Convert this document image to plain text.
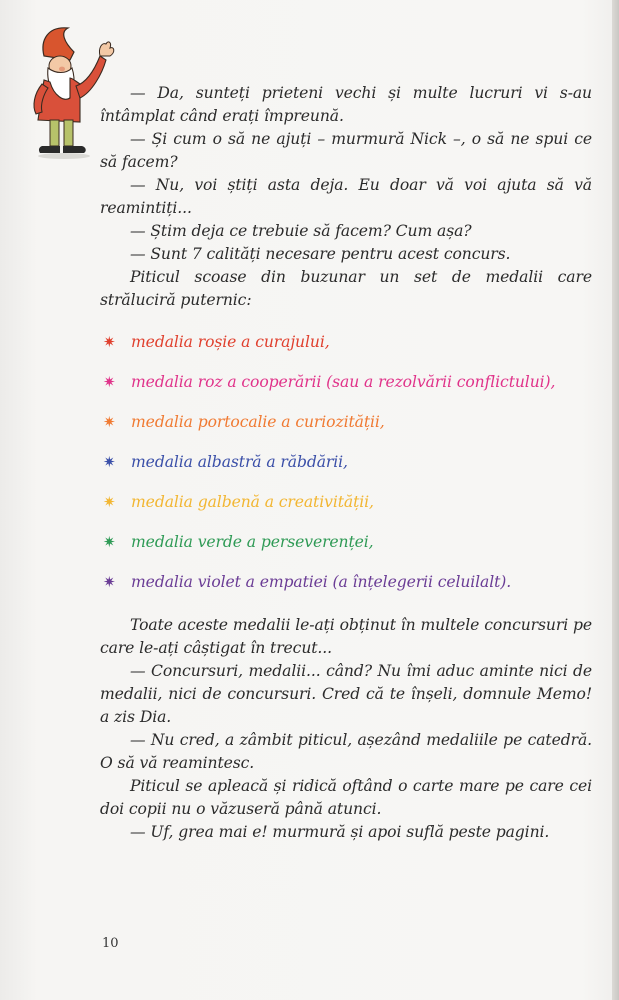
— Da, sunteți prieteni vechi și multe lucruri vi s-au întâmplat când erați împreună.

— Și cum o să ne ajuți – murmură Nick –, o să ne spui ce să facem?

— Nu, voi știți asta deja. Eu doar vă voi ajuta să vă reamintiți...

— Știm deja ce trebuie să facem? Cum așa?

— Sunt 7 calități necesare pentru acest concurs.

Piticul scoase din buzunar un set de medalii care străluciră puternic:

✷ medalia roșie a curajului,
✷ medalia roz a cooperării (sau a rezolvării conflictului),
✷ medalia portocalie a curiozității,
✷ medalia albastră a răbdării,
✷ medalia galbenă a creativității,
✷ medalia verde a perseverenței,
✷ medalia violet a empatiei (a înțelegerii celuilalt).

Toate aceste medalii le-ați obținut în multele concursuri pe care le-ați câștigat în trecut...

— Concursuri, medalii... când? Nu îmi aduc aminte nici de medalii, nici de concursuri. Cred că te înșeli, domnule Memo! a zis Dia.

— Nu cred, a zâmbit piticul, așezând medaliile pe catedră. O să vă reamintesc.

Piticul se apleacă și ridică oftând o carte mare pe care cei doi copii nu o văzuseră până atunci.

— Uf, grea mai e! murmură și apoi suflă peste pagini.

10
